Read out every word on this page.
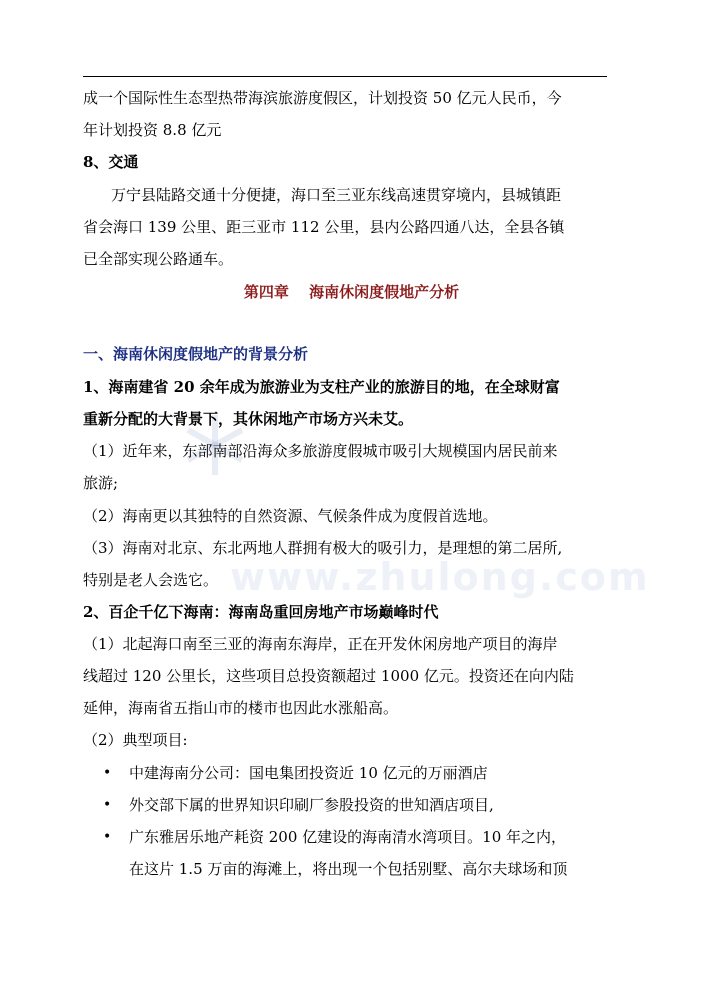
www.zhulong.com
成一个国际性生态型热带海滨旅游度假区，计划投资 50 亿元人民币，今
年计划投资 8.8 亿元
8、交通
万宁县陆路交通十分便捷，海口至三亚东线高速贯穿境内，县城镇距
省会海口 139 公里、距三亚市 112 公里，县内公路四通八达，全县各镇
已全部实现公路通车。
第四章　 海南休闲度假地产分析
一、海南休闲度假地产的背景分析
1、海南建省 20 余年成为旅游业为支柱产业的旅游目的地，在全球财富
重新分配的大背景下，其休闲地产市场方兴未艾。
（1）近年来，东部南部沿海众多旅游度假城市吸引大规模国内居民前来
旅游;
（2）海南更以其独特的自然资源、气候条件成为度假首选地。
（3）海南对北京、东北两地人群拥有极大的吸引力，是理想的第二居所,
特别是老人会选它。
2、百企千亿下海南：海南岛重回房地产市场巅峰时代
（1）北起海口南至三亚的海南东海岸，正在开发休闲房地产项目的海岸
线超过 120 公里长，这些项目总投资额超过 1000 亿元。投资还在向内陆
延伸，海南省五指山市的楼市也因此水涨船高。
（2）典型项目:
• 中建海南分公司：国电集团投资近 10 亿元的万丽酒店
• 外交部下属的世界知识印刷厂参股投资的世知酒店项目,
• 广东雅居乐地产耗资 200 亿建设的海南清水湾项目。10 年之内，
在这片 1.5 万亩的海滩上，将出现一个包括别墅、高尔夫球场和顶
